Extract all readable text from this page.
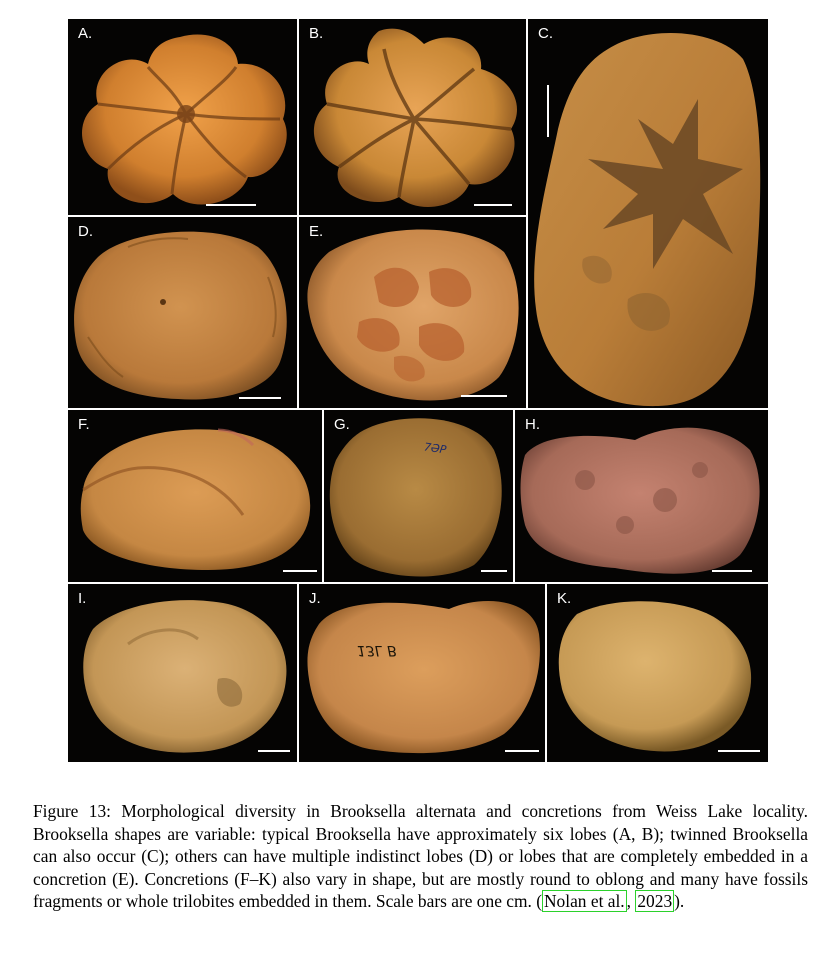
A.	B.	C.
D.	E.
F.	G.
7ƏP
H.
I.	J.
13L B
K.
Figure 13: Morphological diversity in Brooksella alternata and concretions from Weiss Lake locality. Brooksella shapes are variable: typical Brooksella have approximately six lobes (A, B); twinned Brooksella can also occur (C); others can have multiple indistinct lobes (D) or lobes that are completely embedded in a concretion (E). Concretions (F–K) also vary in shape, but are mostly round to oblong and many have fossils fragments or whole trilobites embedded in them. Scale bars are one cm. ( Nolan et al. , 2023 ).
